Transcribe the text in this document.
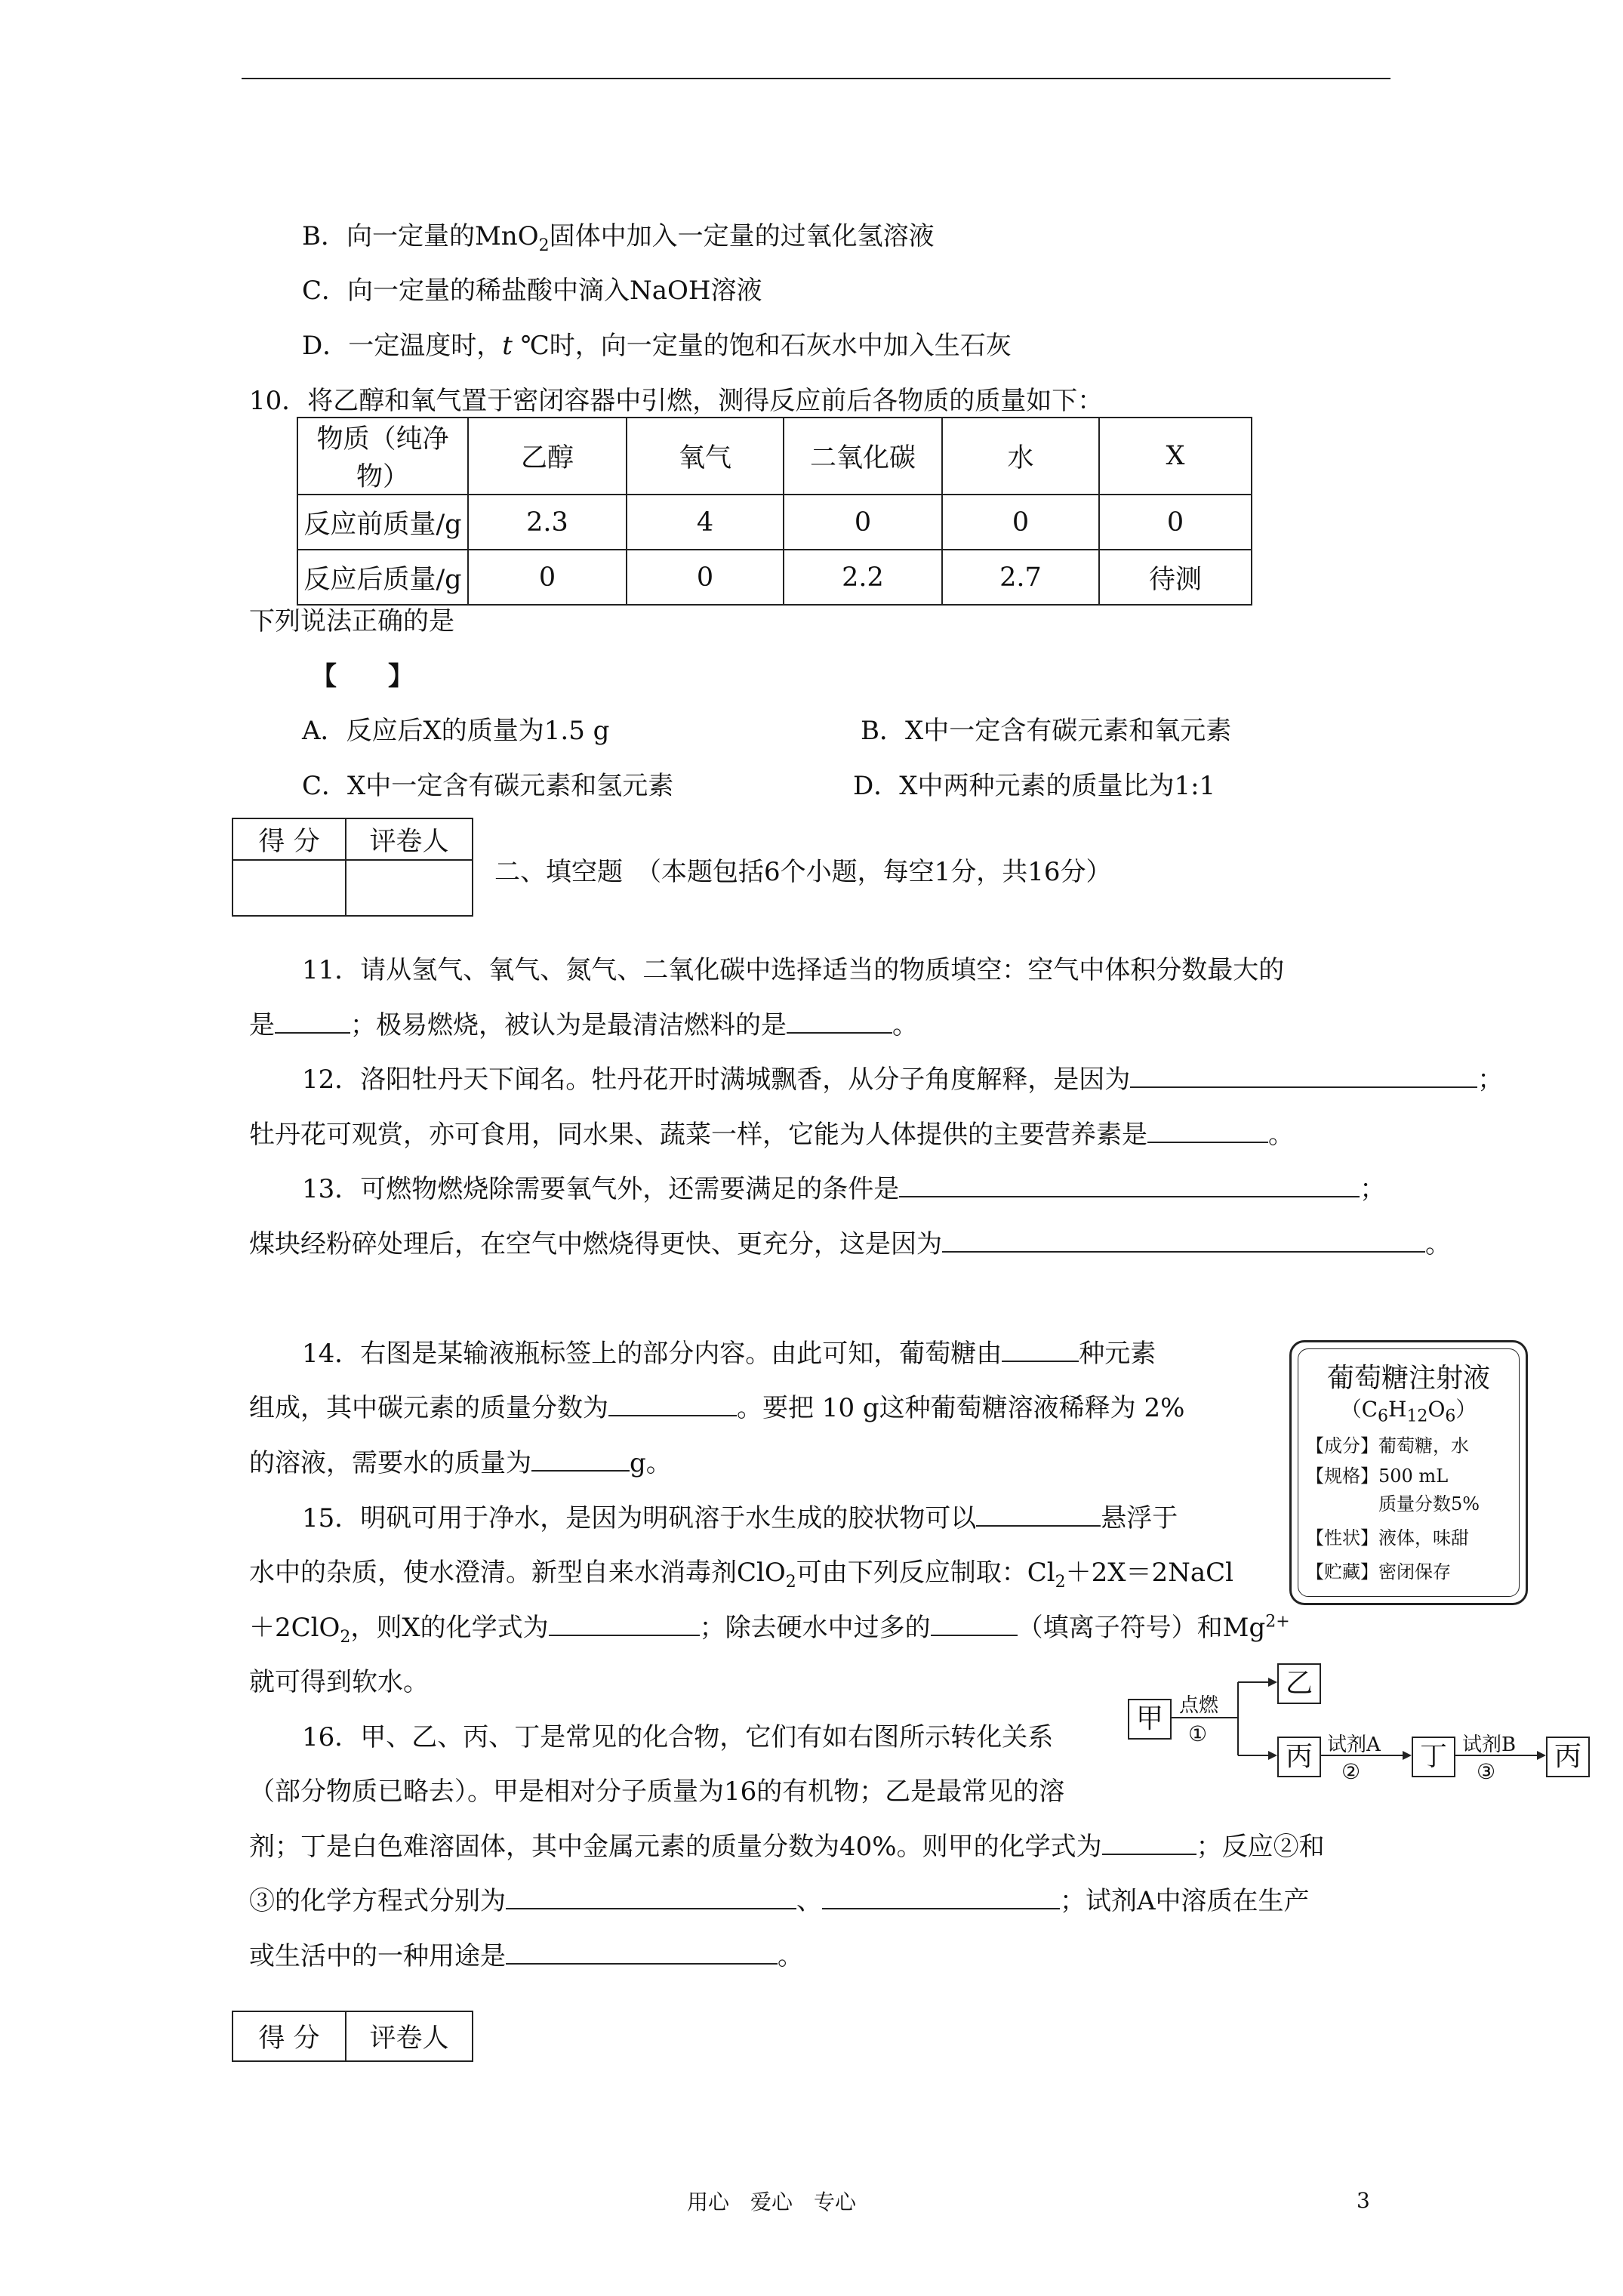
B．向一定量的MnO$_2$固体中加入一定量的过氧化氢溶液
C．向一定量的稀盐酸中滴入NaOH溶液
D．一定温度时，t ℃时，向一定量的饱和石灰水中加入生石灰
10．将乙醇和氧气置于密闭容器中引燃，测得反应前后各物质的质量如下：
物质（纯净物）	乙醇	氧气	二氧化碳	水	X
反应前质量/g	2.3	4	0	0	0
反应后质量/g	0	0	2.2	2.7	待测
下列说法正确的是
【　　】
A．反应后X的质量为1.5 g	B．X中一定含有碳元素和氧元素
C．X中一定含有碳元素和氢元素	D．X中两种元素的质量比为1:1
得 分	评卷人

二、填空题　（本题包括6个小题，每空1分，共16分）
11．请从氢气、氧气、氮气、二氧化碳中选择适当的物质填空：空气中体积分数最大的
是	；极易燃烧，被认为是最清洁燃料的是	。
12．洛阳牡丹天下闻名。牡丹花开时满城飘香，从分子角度解释，是因为	；
牡丹花可观赏，亦可食用，同水果、蔬菜一样，它能为人体提供的主要营养素是	。
13．可燃物燃烧除需要氧气外，还需要满足的条件是	；
煤块经粉碎处理后，在空气中燃烧得更快、更充分，这是因为	。
14．右图是某输液瓶标签上的部分内容。由此可知，葡萄糖由	种元素
组成，其中碳元素的质量分数为	。要把 10 g这种葡萄糖溶液稀释为 2%
的溶液，需要水的质量为	g。
葡萄糖注射液
$(C_6H_{12}O_6)$
【成分】葡萄糖，水
【规格】500 mL
　　　　质量分数5%
【性状】液体，味甜
【贮藏】密闭保存
15．明矾可用于净水，是因为明矾溶于水生成的胶状物可以	悬浮于
水中的杂质，使水澄清。新型自来水消毒剂ClO$_2$可由下列反应制取：$Cl_2+2X=2NaCl$
＋2ClO$_2$，则X的化学式为	；除去硬水中过多的	（填离子符号）和$Mg^{2+}$
就可得到软水。
16．甲、乙、丙、丁是常见的化合物，它们有如右图所示转化关系
（部分物质已略去）。甲是相对分子质量为16的有机物；乙是最常见的溶
剂；丁是白色难溶固体，其中金属元素的质量分数为40%。则甲的化学式为	；反应②和
③的化学方程式分别为	、	；试剂A中溶质在生产
或生活中的一种用途是	。
甲
乙
丙	丁	丙
点燃
①	试剂A
②
试剂B
③
得 分	评卷人
用心　爱心　专心	3
